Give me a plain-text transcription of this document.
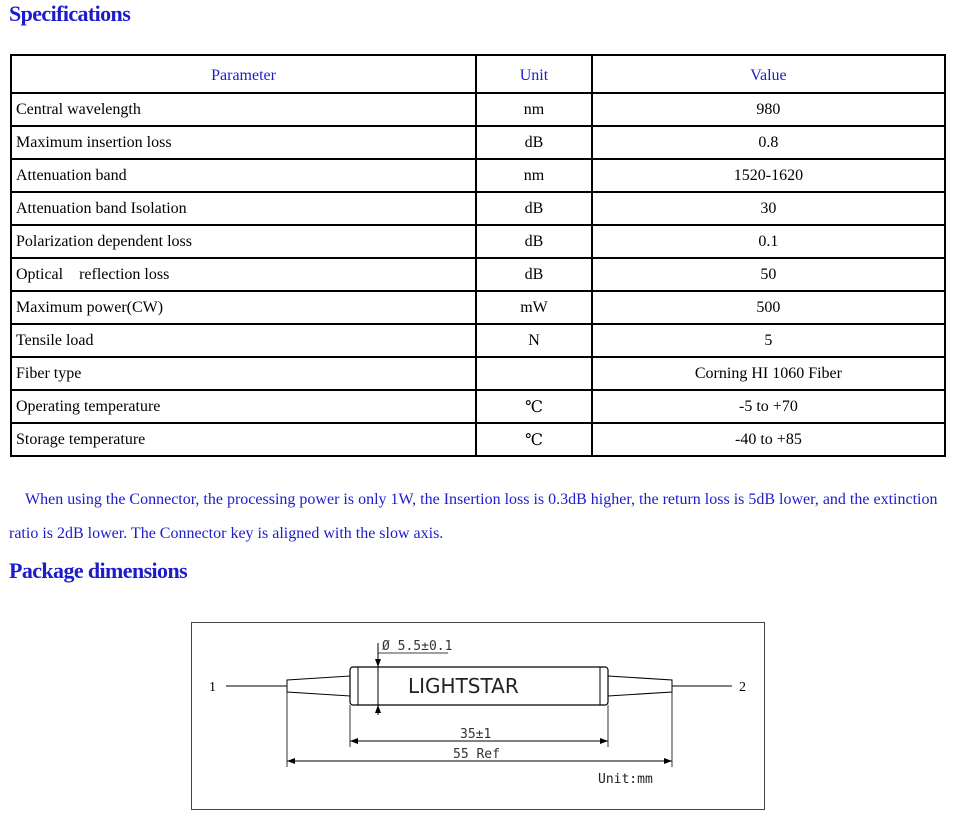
Specifications
Parameter	Unit	Value
Central wavelength	nm	980
Maximum insertion loss	dB	0.8
Attenuation band	nm	1520-1620
Attenuation band Isolation	dB	30
Polarization dependent loss	dB	0.1
Optical    reflection loss	dB	50
Maximum power(CW)	mW	500
Tensile load	N	5
Fiber type		Corning HI 1060 Fiber
Operating temperature	℃	-5 to +70
Storage temperature	℃	-40 to +85
When using the Connector, the processing power is only 1W, the Insertion loss is 0.3dB higher, the return loss is 5dB lower, and the extinction ratio is 2dB lower. The Connector key is aligned with the slow axis.
Package dimensions
Ø 5.5±0.1
LIGHTSTAR
1	2
35±1
55 Ref
Unit:mm
